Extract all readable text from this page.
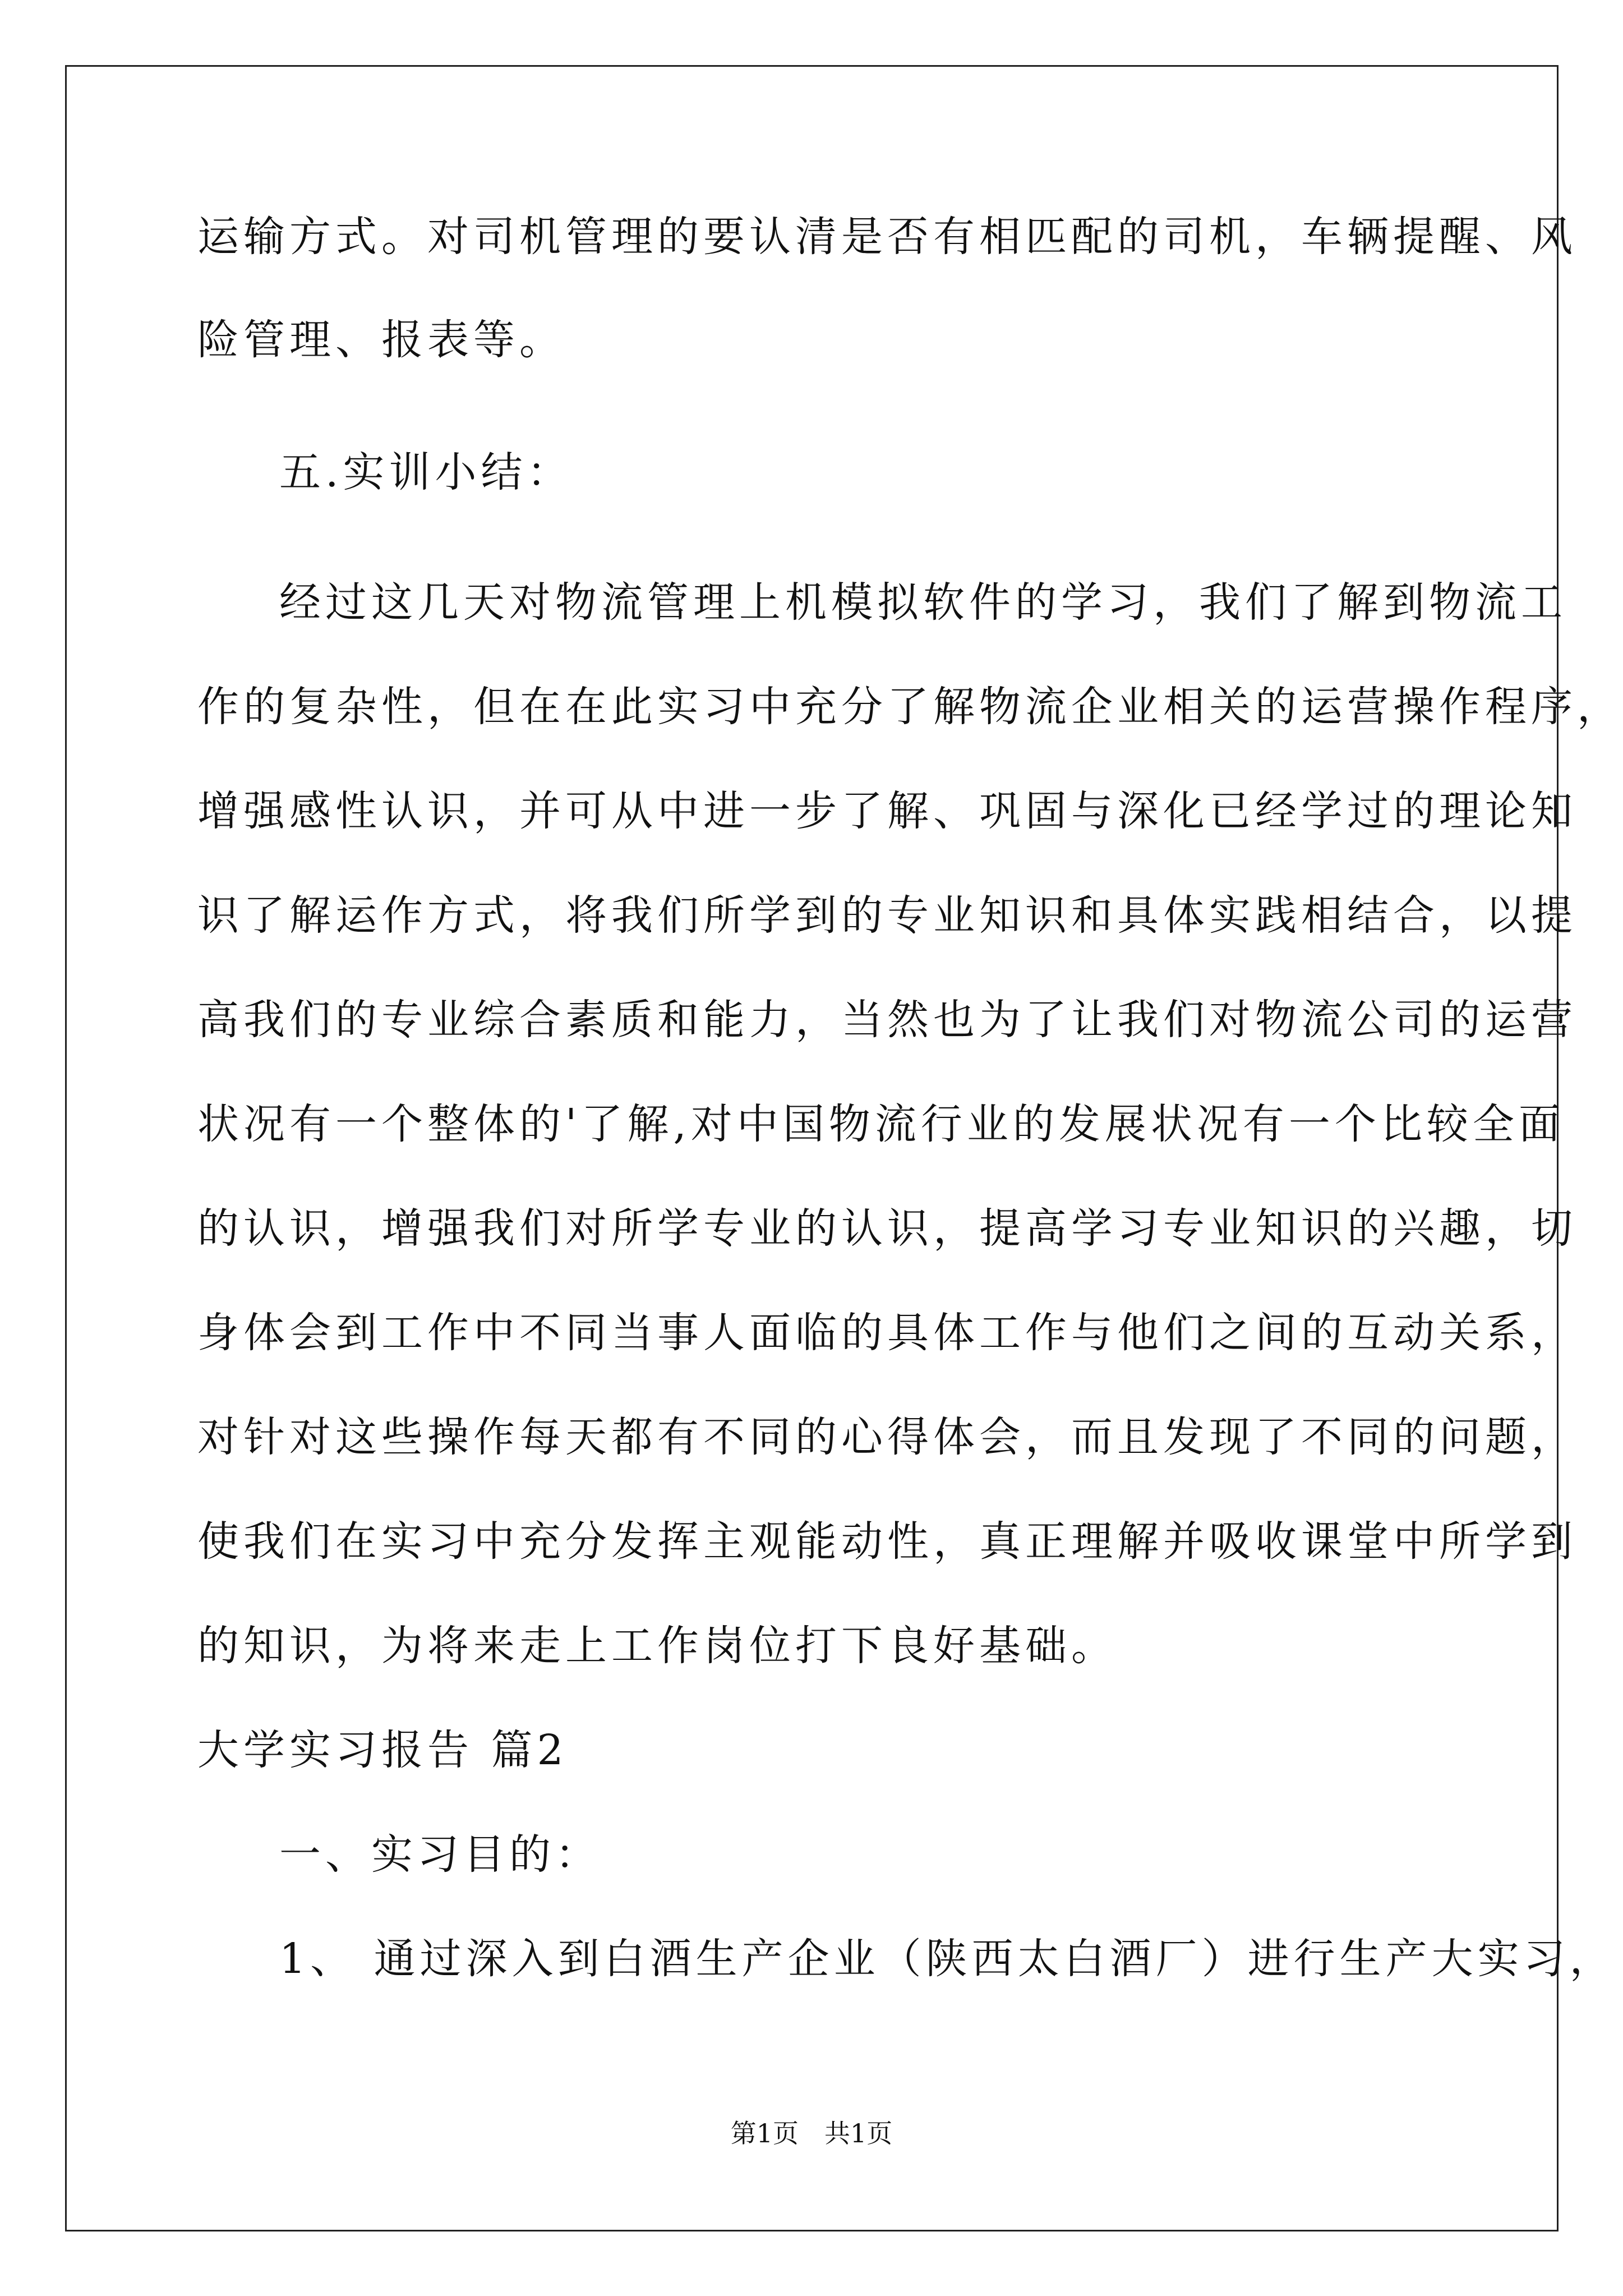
运输方式。对司机管理的要认清是否有相匹配的司机，车辆提醒、风
险管理、报表等。
五.实训小结：
经过这几天对物流管理上机模拟软件的学习，我们了解到物流工
作的复杂性，但在在此实习中充分了解物流企业相关的运营操作程序，
增强感性认识，并可从中进一步了解、巩固与深化已经学过的理论知
识了解运作方式，将我们所学到的专业知识和具体实践相结合，以提
高我们的专业综合素质和能力，当然也为了让我们对物流公司的运营
状况有一个整体的'了解,对中国物流行业的发展状况有一个比较全面
的认识，增强我们对所学专业的认识，提高学习专业知识的兴趣，切
身体会到工作中不同当事人面临的具体工作与他们之间的互动关系，
对针对这些操作每天都有不同的心得体会，而且发现了不同的问题，
使我们在实习中充分发挥主观能动性，真正理解并吸收课堂中所学到
的知识，为将来走上工作岗位打下良好基础。
大学实习报告 篇2
一、实习目的：
1、 通过深入到白酒生产企业（陕西太白酒厂）进行生产大实习，
第1页　共1页
